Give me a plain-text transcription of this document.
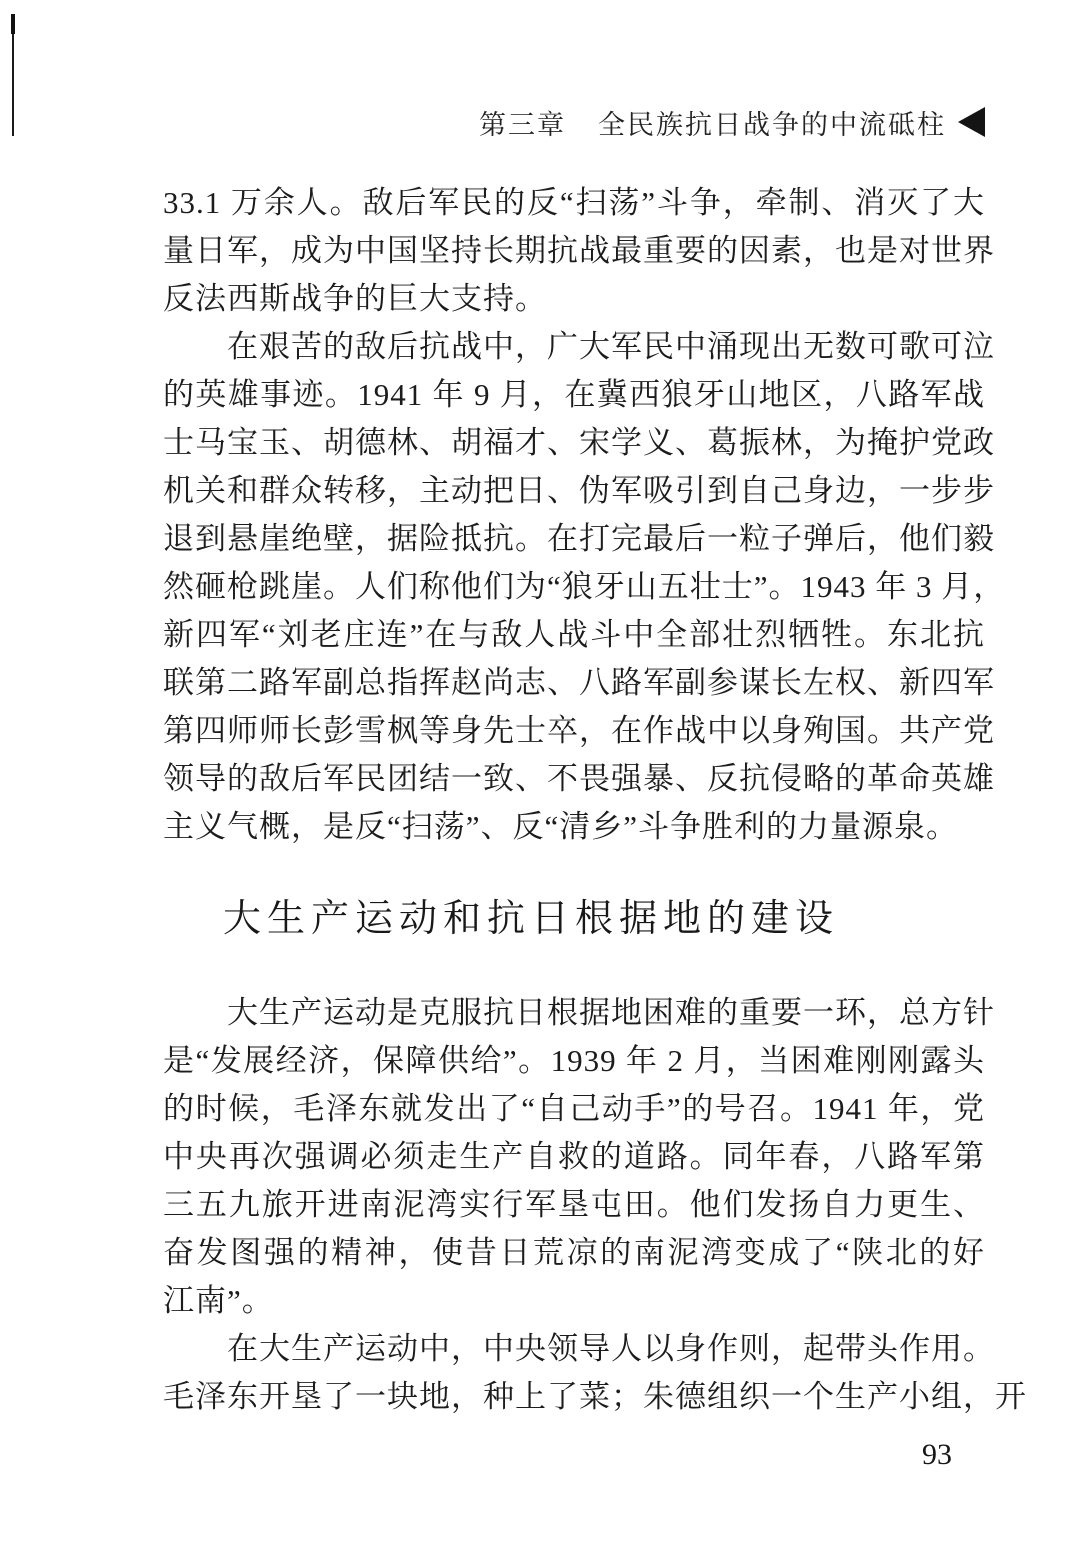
第三章 全民族抗日战争的中流砥柱
33.1 万余人。敌后军民的反“扫荡”斗争，牵制、消灭了大
量日军，成为中国坚持长期抗战最重要的因素，也是对世界
反法西斯战争的巨大支持。
在艰苦的敌后抗战中，广大军民中涌现出无数可歌可泣
的英雄事迹。1941 年 9 月，在冀西狼牙山地区，八路军战
士马宝玉、胡德林、胡福才、宋学义、葛振林，为掩护党政
机关和群众转移，主动把日、伪军吸引到自己身边，一步步
退到悬崖绝壁，据险抵抗。在打完最后一粒子弹后，他们毅
然砸枪跳崖。人们称他们为“狼牙山五壮士”。1943 年 3 月，
新四军“刘老庄连”在与敌人战斗中全部壮烈牺牲。东北抗
联第二路军副总指挥赵尚志、八路军副参谋长左权、新四军
第四师师长彭雪枫等身先士卒，在作战中以身殉国。共产党
领导的敌后军民团结一致、不畏强暴、反抗侵略的革命英雄
主义气概，是反“扫荡”、反“清乡”斗争胜利的力量源泉。
大生产运动和抗日根据地的建设
大生产运动是克服抗日根据地困难的重要一环，总方针
是“发展经济，保障供给”。1939 年 2 月，当困难刚刚露头
的时候，毛泽东就发出了“自己动手”的号召。1941 年，党
中央再次强调必须走生产自救的道路。同年春，八路军第
三五九旅开进南泥湾实行军垦屯田。他们发扬自力更生、
奋发图强的精神，使昔日荒凉的南泥湾变成了“陕北的好
江南”。
在大生产运动中，中央领导人以身作则，起带头作用。
毛泽东开垦了一块地，种上了菜；朱德组织一个生产小组，开
93
